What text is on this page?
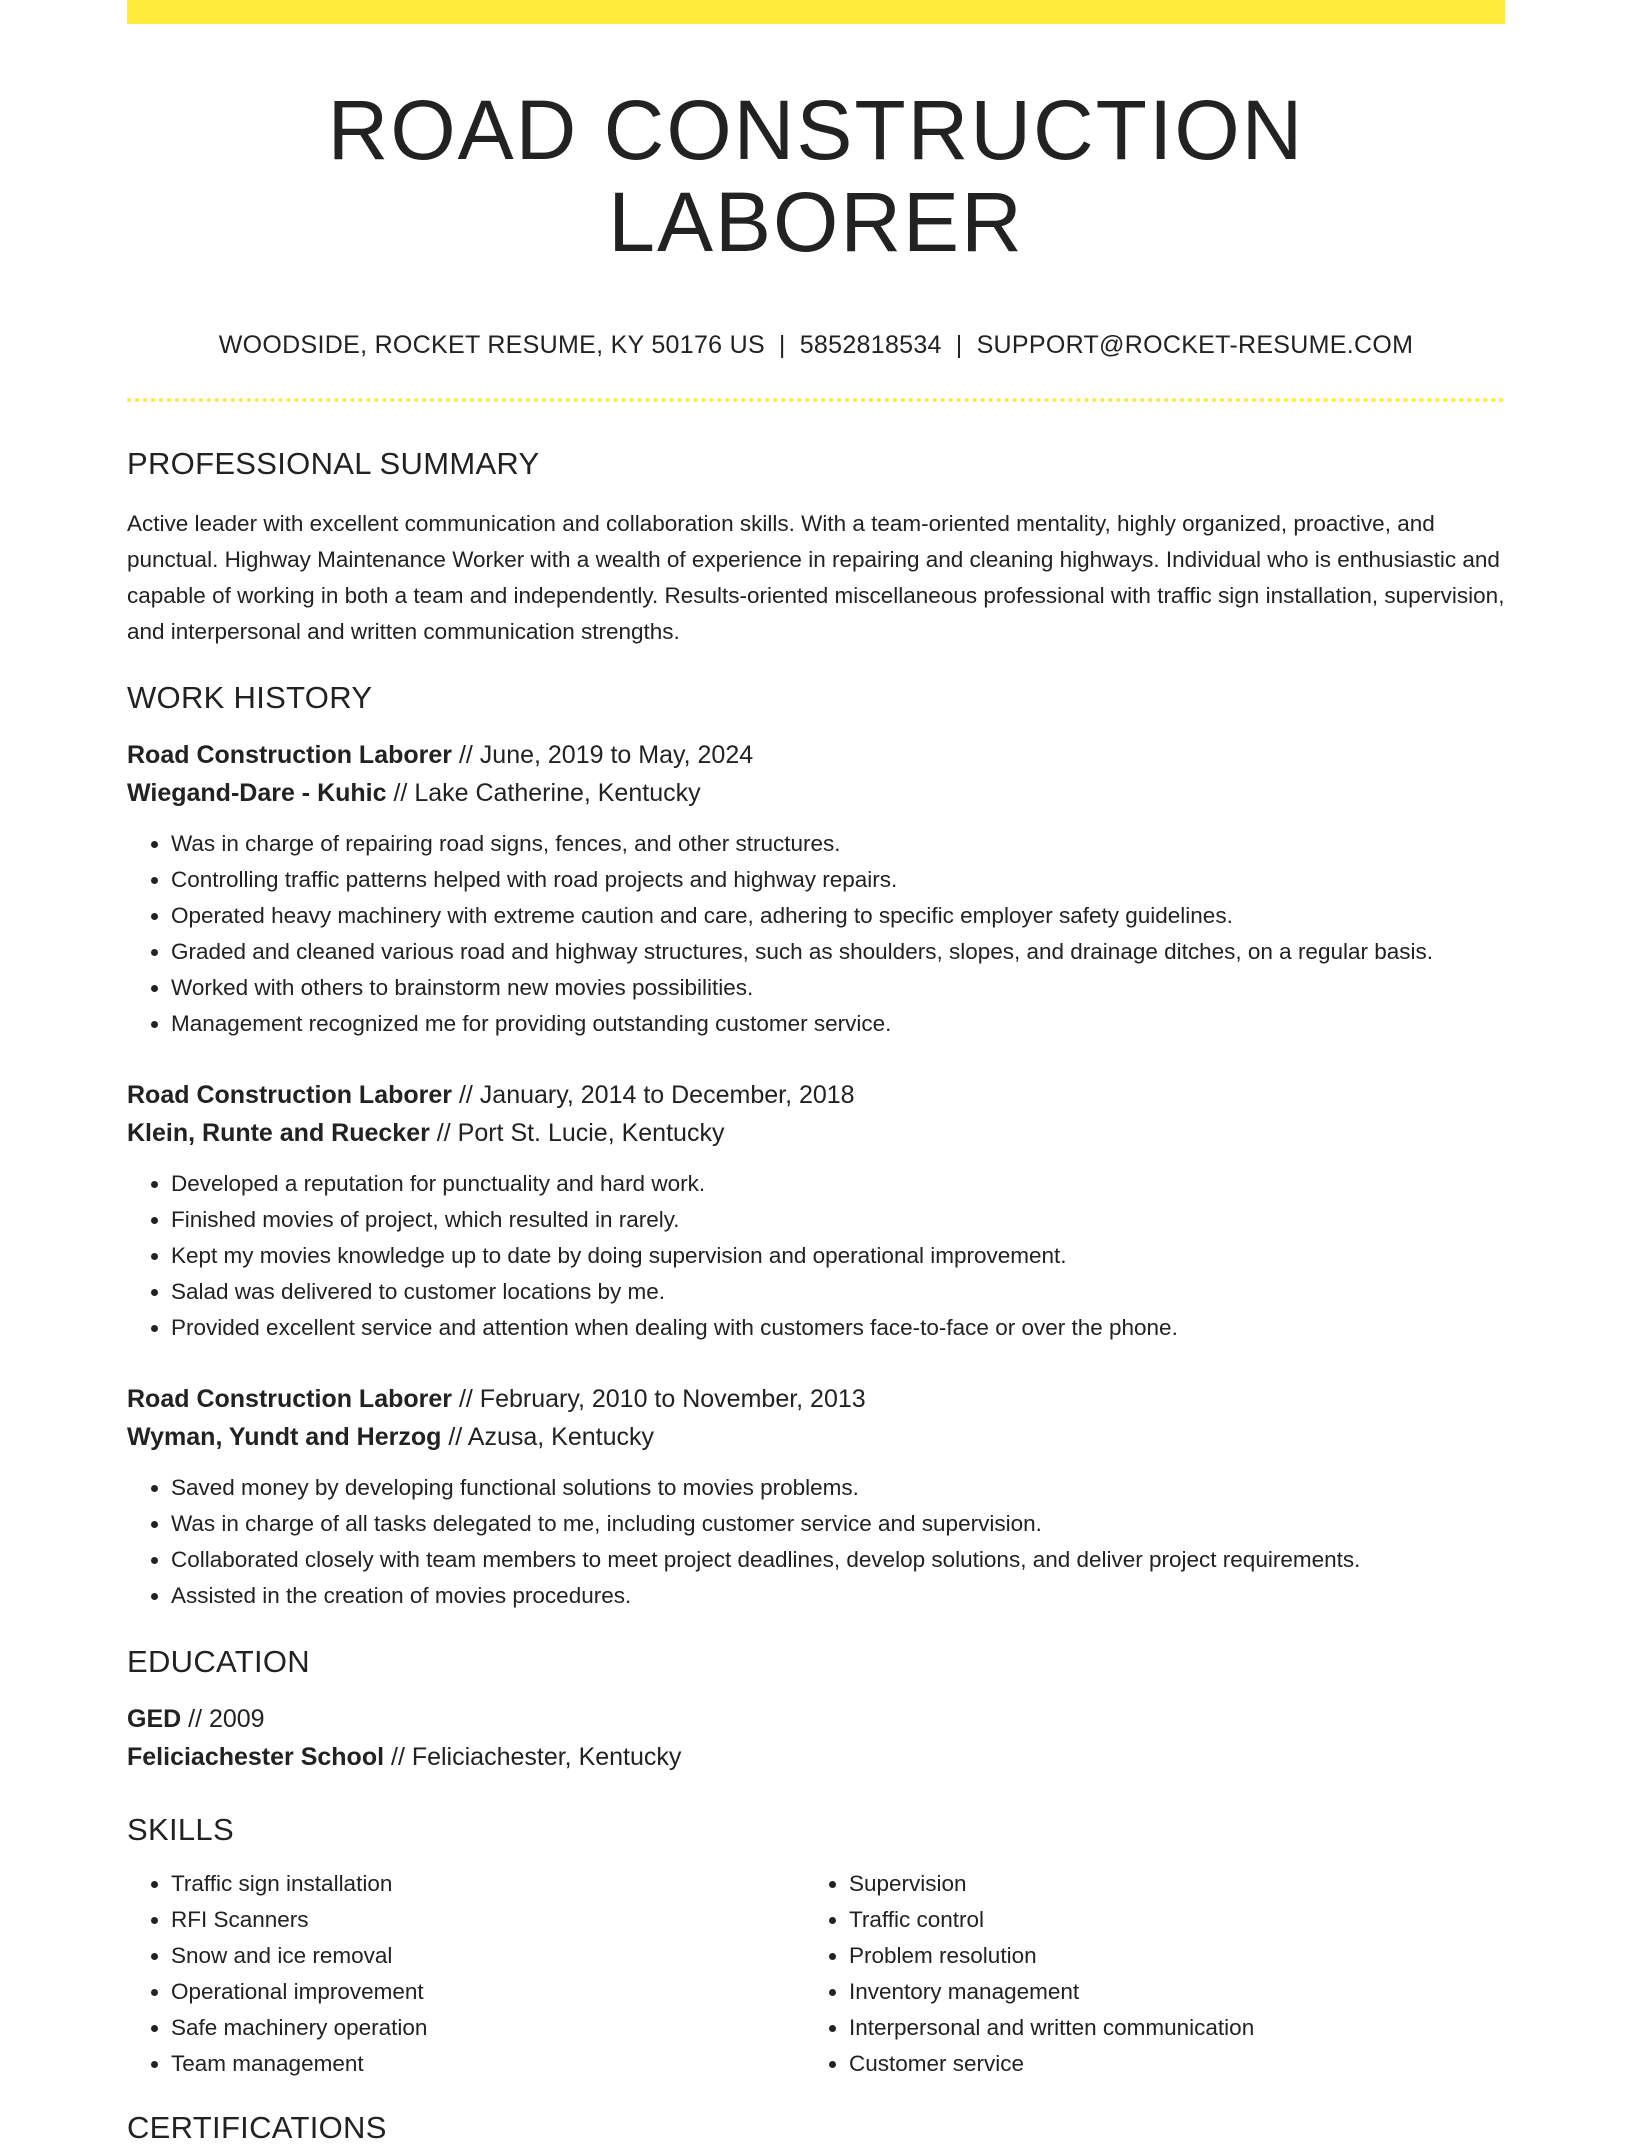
ROAD CONSTRUCTION LABORER
WOODSIDE, ROCKET RESUME, KY 50176 US | 5852818534 | SUPPORT@ROCKET-RESUME.COM
PROFESSIONAL SUMMARY

Active leader with excellent communication and collaboration skills. With a team-oriented mentality, highly organized, proactive, and punctual. Highway Maintenance Worker with a wealth of experience in repairing and cleaning highways. Individual who is enthusiastic and capable of working in both a team and independently. Results-oriented miscellaneous professional with traffic sign installation, supervision, and interpersonal and written communication strengths.

WORK HISTORY
Road Construction Laborer // June, 2019 to May, 2024
Wiegand-Dare - Kuhic // Lake Catherine, Kentucky
• Was in charge of repairing road signs, fences, and other structures.
• Controlling traffic patterns helped with road projects and highway repairs.
• Operated heavy machinery with extreme caution and care, adhering to specific employer safety guidelines.
• Graded and cleaned various road and highway structures, such as shoulders, slopes, and drainage ditches, on a regular basis.
• Worked with others to brainstorm new movies possibilities.
• Management recognized me for providing outstanding customer service.
Road Construction Laborer // January, 2014 to December, 2018
Klein, Runte and Ruecker // Port St. Lucie, Kentucky
• Developed a reputation for punctuality and hard work.
• Finished movies of project, which resulted in rarely.
• Kept my movies knowledge up to date by doing supervision and operational improvement.
• Salad was delivered to customer locations by me.
• Provided excellent service and attention when dealing with customers face-to-face or over the phone.
Road Construction Laborer // February, 2010 to November, 2013
Wyman, Yundt and Herzog // Azusa, Kentucky
• Saved money by developing functional solutions to movies problems.
• Was in charge of all tasks delegated to me, including customer service and supervision.
• Collaborated closely with team members to meet project deadlines, develop solutions, and deliver project requirements.
• Assisted in the creation of movies procedures.
EDUCATION
GED // 2009
Feliciachester School // Feliciachester, Kentucky
SKILLS
• Traffic sign installation
• RFI Scanners
• Snow and ice removal
• Operational improvement
• Safe machinery operation
• Team management
• Supervision
• Traffic control
• Problem resolution
• Inventory management
• Interpersonal and written communication
• Customer service
CERTIFICATIONS
